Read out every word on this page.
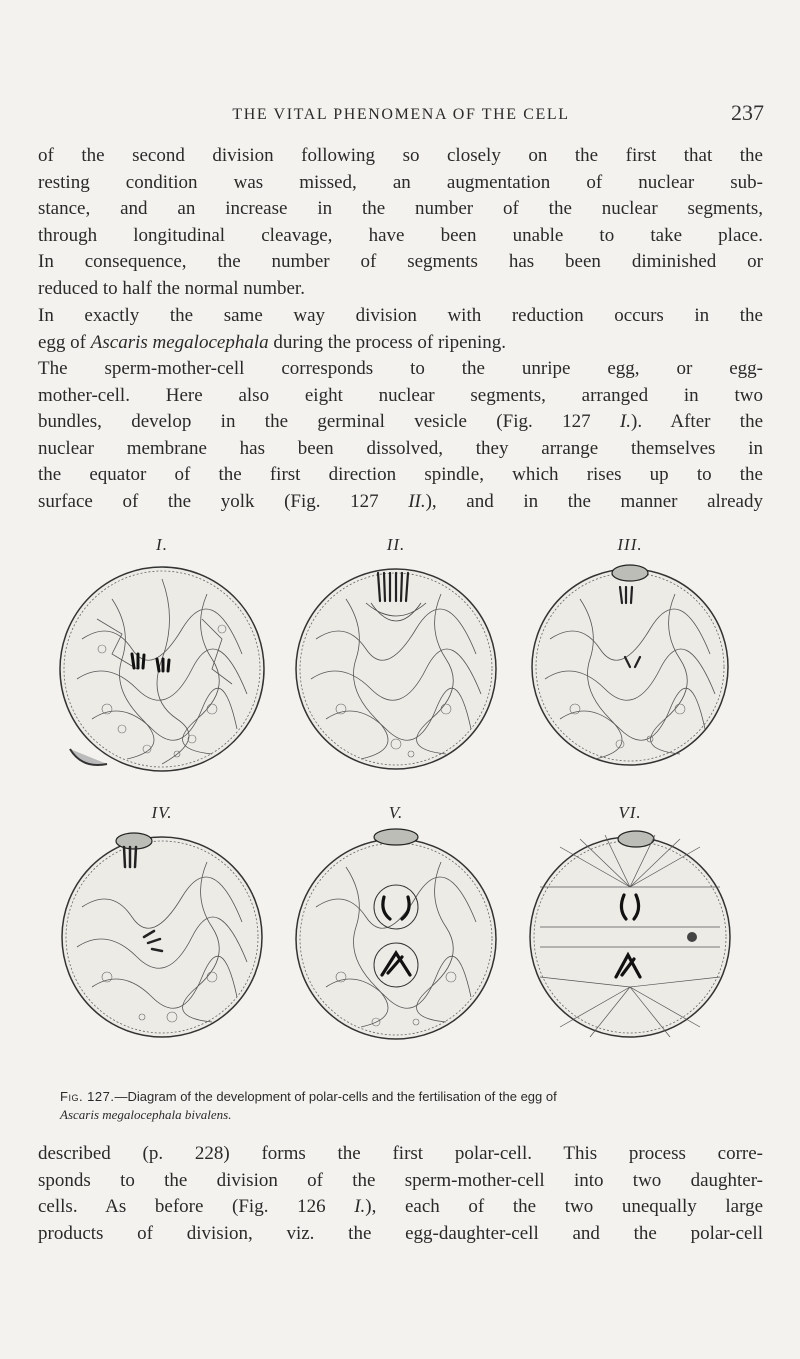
THE VITAL PHENOMENA OF THE CELL	237
of the second division following so closely on the first that the
resting condition was missed, an augmentation of nuclear sub-
stance, and an increase in the number of the nuclear segments,
through longitudinal cleavage, have been unable to take place.
In consequence, the number of segments has been diminished or
reduced to half the normal number.
In exactly the same way division with reduction occurs in the
egg of Ascaris megalocephala during the process of ripening.
The sperm-mother-cell corresponds to the unripe egg, or egg-
mother-cell. Here also eight nuclear segments, arranged in two
bundles, develop in the germinal vesicle (Fig. 127 I.). After the
nuclear membrane has been dissolved, they arrange themselves in
the equator of the first direction spindle, which rises up to the
surface of the yolk (Fig. 127 II.), and in the manner already
I.	II.	III.
IV.	V.	VI.
Fig. 127.—Diagram of the development of polar-cells and the fertilisation of the egg of
Ascaris megalocephala bivalens.
described (p. 228) forms the first polar-cell. This process corre-
sponds to the division of the sperm-mother-cell into two daughter-
cells. As before (Fig. 126 I.), each of the two unequally large
products of division, viz. the egg-daughter-cell and the polar-cell
